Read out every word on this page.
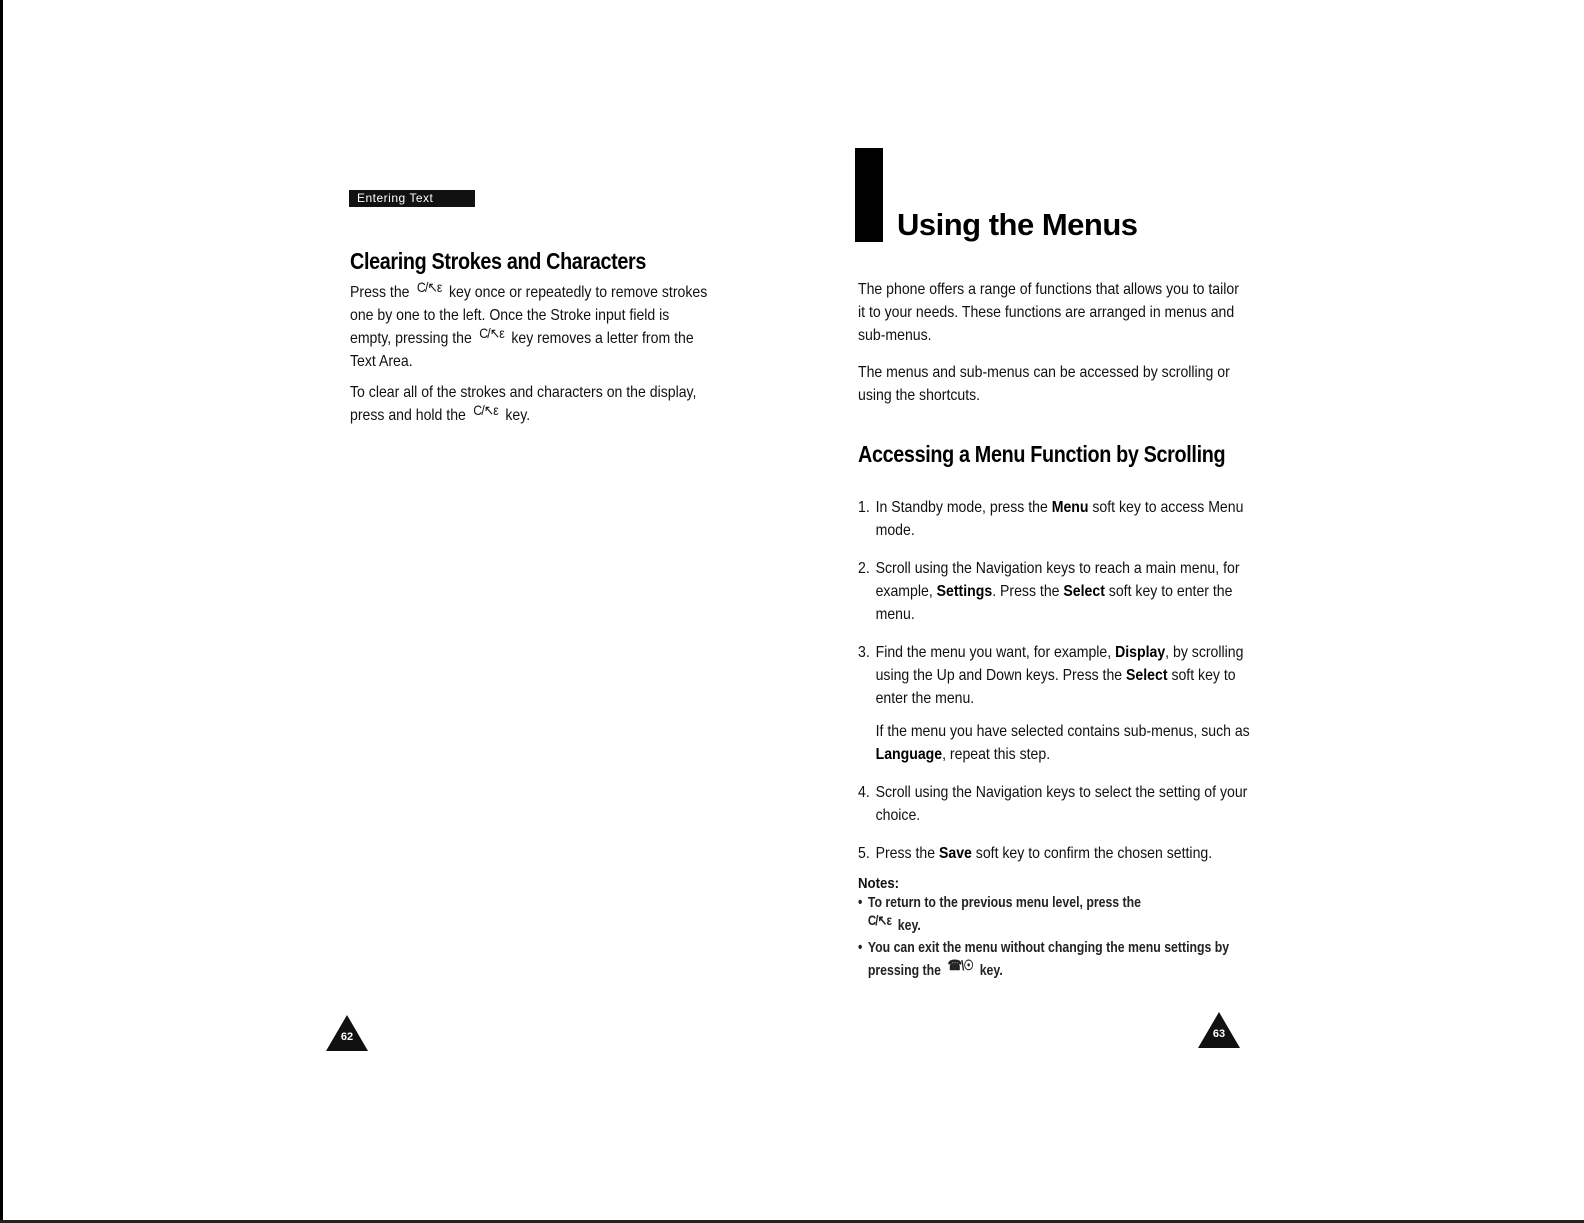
Entering Text
Clearing Strokes and Characters

Press the C/↖ε key once or repeatedly to remove strokes one by one to the left. Once the Stroke input field is empty, pressing the C/↖ε key removes a letter from the Text Area.

To clear all of the strokes and characters on the display, press and hold the C/↖ε key.

62
Using the Menus

The phone offers a range of functions that allows you to tailor it to your needs. These functions are arranged in menus and sub-menus.

The menus and sub-menus can be accessed by scrolling or using the shortcuts.

Accessing a Menu Function by Scrolling
1. In Standby mode, press the Menu soft key to access Menu mode.
2. Scroll using the Navigation keys to reach a main menu, for example, Settings. Press the Select soft key to enter the menu.
3. Find the menu you want, for example, Display, by scrolling using the Up and Down keys. Press the Select soft key to enter the menu.
If the menu you have selected contains sub-menus, such as Language, repeat this step.
4. Scroll using the Navigation keys to select the setting of your choice.
5. Press the Save soft key to confirm the chosen setting.

Notes:

• To return to the previous menu level, press the
C/↖ε key.
• You can exit the menu without changing the menu settings by pressing the ☎\☉ key.
63
